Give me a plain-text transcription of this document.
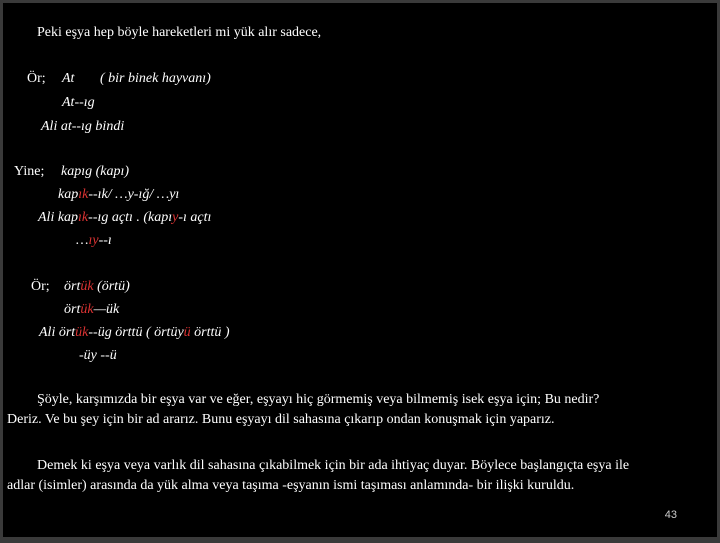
Peki eşya hep böyle hareketleri mi yük alır sadece,
Ör; At ( bir binek hayvanı)
At--ıg
Ali at--ıg bindi
Yine; kapıg (kapı)
kapık--ık/ …y-ığ/ …yı
Ali kapık--ıg açtı . (kapıy-ı açtı
…ıy--ı
Ör; örtük (örtü)
örtük—ük
Ali örtük--üg örttü ( örtüyü örttü )
-üy --ü
Şöyle, karşımızda bir eşya var ve eğer, eşyayı hiç görmemiş veya bilmemiş isek eşya için; Bu nedir?
Deriz. Ve bu şey için bir ad ararız. Bunu eşyayı dil sahasına çıkarıp ondan konuşmak için yaparız.
Demek ki eşya veya varlık dil sahasına çıkabilmek için bir ada ihtiyaç duyar. Böylece başlangıçta eşya ile
adlar (isimler) arasında da yük alma veya taşıma -eşyanın ismi taşıması anlamında- bir ilişki kuruldu.
43
